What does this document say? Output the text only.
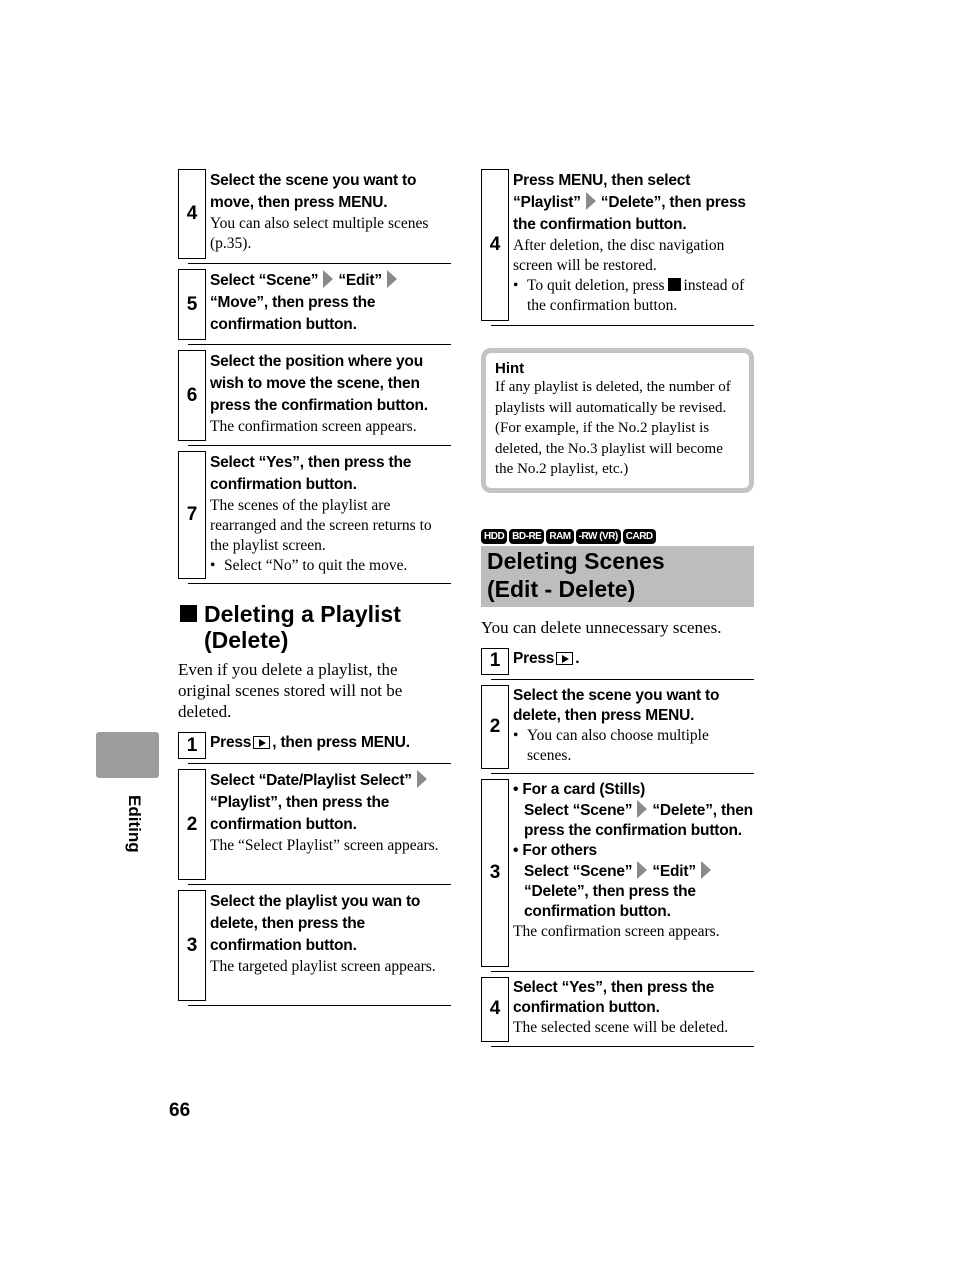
Editing
66
4
Select the scene you want to move, then press MENU.
You can also select multiple scenes (p.35).
5
Select “Scene” “Edit”“Move”, then press the confirmation button.
6
Select the position where you wish to move the scene, then press the confirmation button.
The confirmation screen appears.
7
Select “Yes”, then press the confirmation button.
The scenes of the playlist are rearranged and the screen returns to the playlist screen.
• Select “No” to quit the move.
Deleting a Playlist (Delete)
Even if you delete a playlist, the original scenes stored will not be deleted.
1 Press , then press MENU.
2
Select “Date/Playlist Select”“Playlist”, then press the confirmation button.
The “Select Playlist” screen appears.
3
Select the playlist you wan to delete, then press the confirmation button.
The targeted playlist screen appears.
4
Press MENU, then select “Playlist” “Delete”, then press the confirmation button.
After deletion, the disc navigation screen will be restored.
• To quit deletion, press instead of the confirmation button.
Hint
If any playlist is deleted, the number of playlists will automatically be revised. (For example, if the No.2 playlist is deleted, the No.3 playlist will become the No.2 playlist, etc.)
HDD BD-RE RAM -RW (VR) CARD
Deleting Scenes
(Edit - Delete)
You can delete unnecessary scenes.
1 Press .
2
Select the scene you want to delete, then press MENU.
• You can also choose multiple scenes.
3
• For a card (Stills)
Select “Scene” “Delete”, then press the confirmation button.
• For others
Select “Scene” “Edit”“Delete”, then press the confirmation button.
The confirmation screen appears.
4
Select “Yes”, then press the confirmation button.
The selected scene will be deleted.
